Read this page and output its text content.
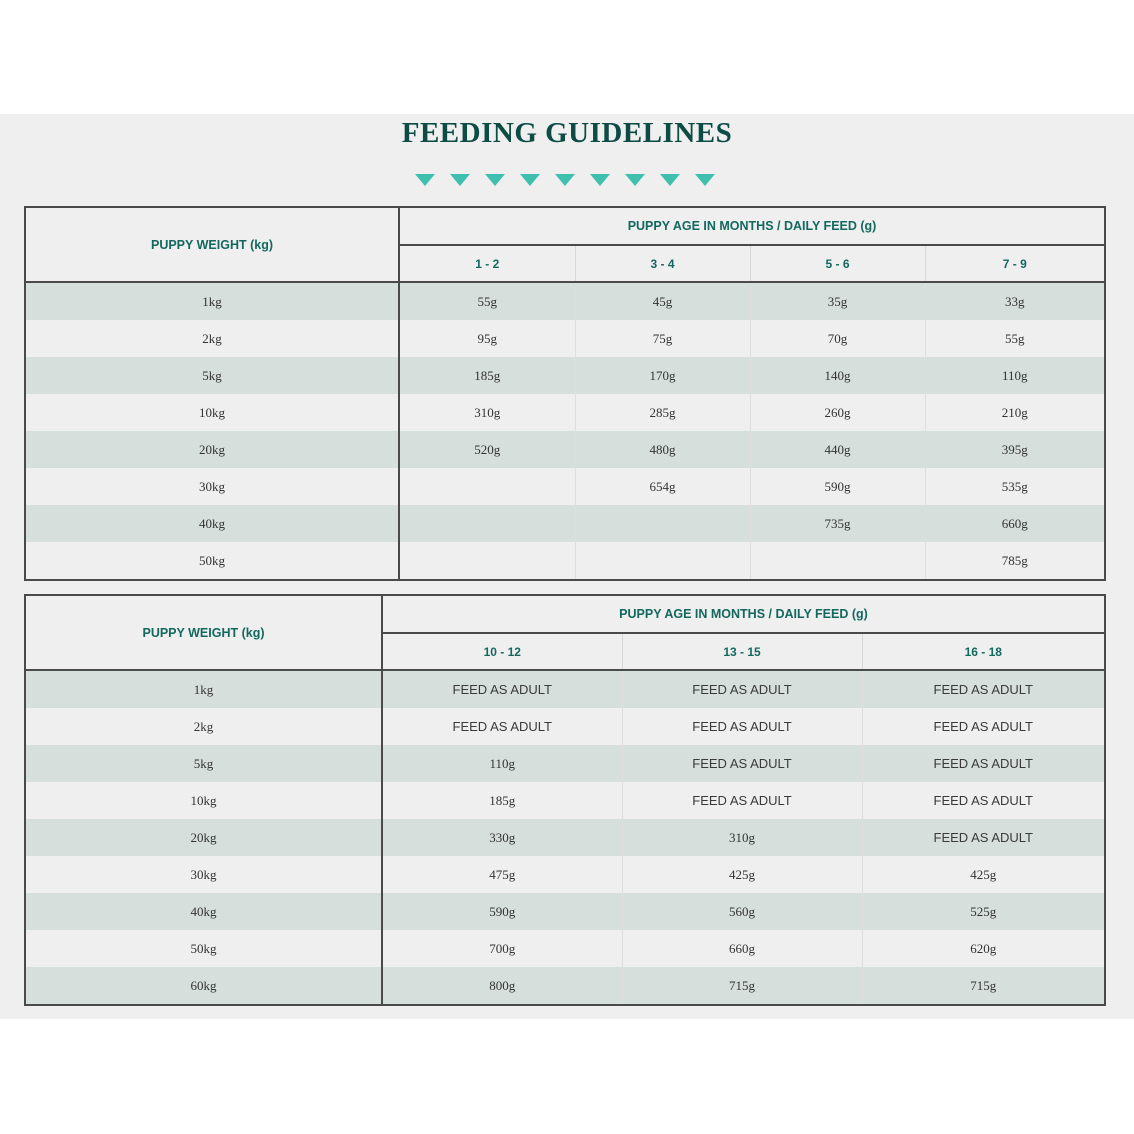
FEEDING GUIDELINES
PUPPY WEIGHT (kg)	PUPPY AGE IN MONTHS / DAILY FEED (g)			
	1 - 2	3 - 4	5 - 6	7 - 9
1kg	55g	45g	35g	33g
2kg	95g	75g	70g	55g
5kg	185g	170g	140g	110g
10kg	310g	285g	260g	210g
20kg	520g	480g	440g	395g
30kg		654g	590g	535g
40kg			735g	660g
50kg				785g
PUPPY WEIGHT (kg)	PUPPY AGE IN MONTHS / DAILY FEED (g)		
	10 - 12	13 - 15	16 - 18
1kg	FEED AS ADULT	FEED AS ADULT	FEED AS ADULT
2kg	FEED AS ADULT	FEED AS ADULT	FEED AS ADULT
5kg	110g	FEED AS ADULT	FEED AS ADULT
10kg	185g	FEED AS ADULT	FEED AS ADULT
20kg	330g	310g	FEED AS ADULT
30kg	475g	425g	425g
40kg	590g	560g	525g
50kg	700g	660g	620g
60kg	800g	715g	715g
